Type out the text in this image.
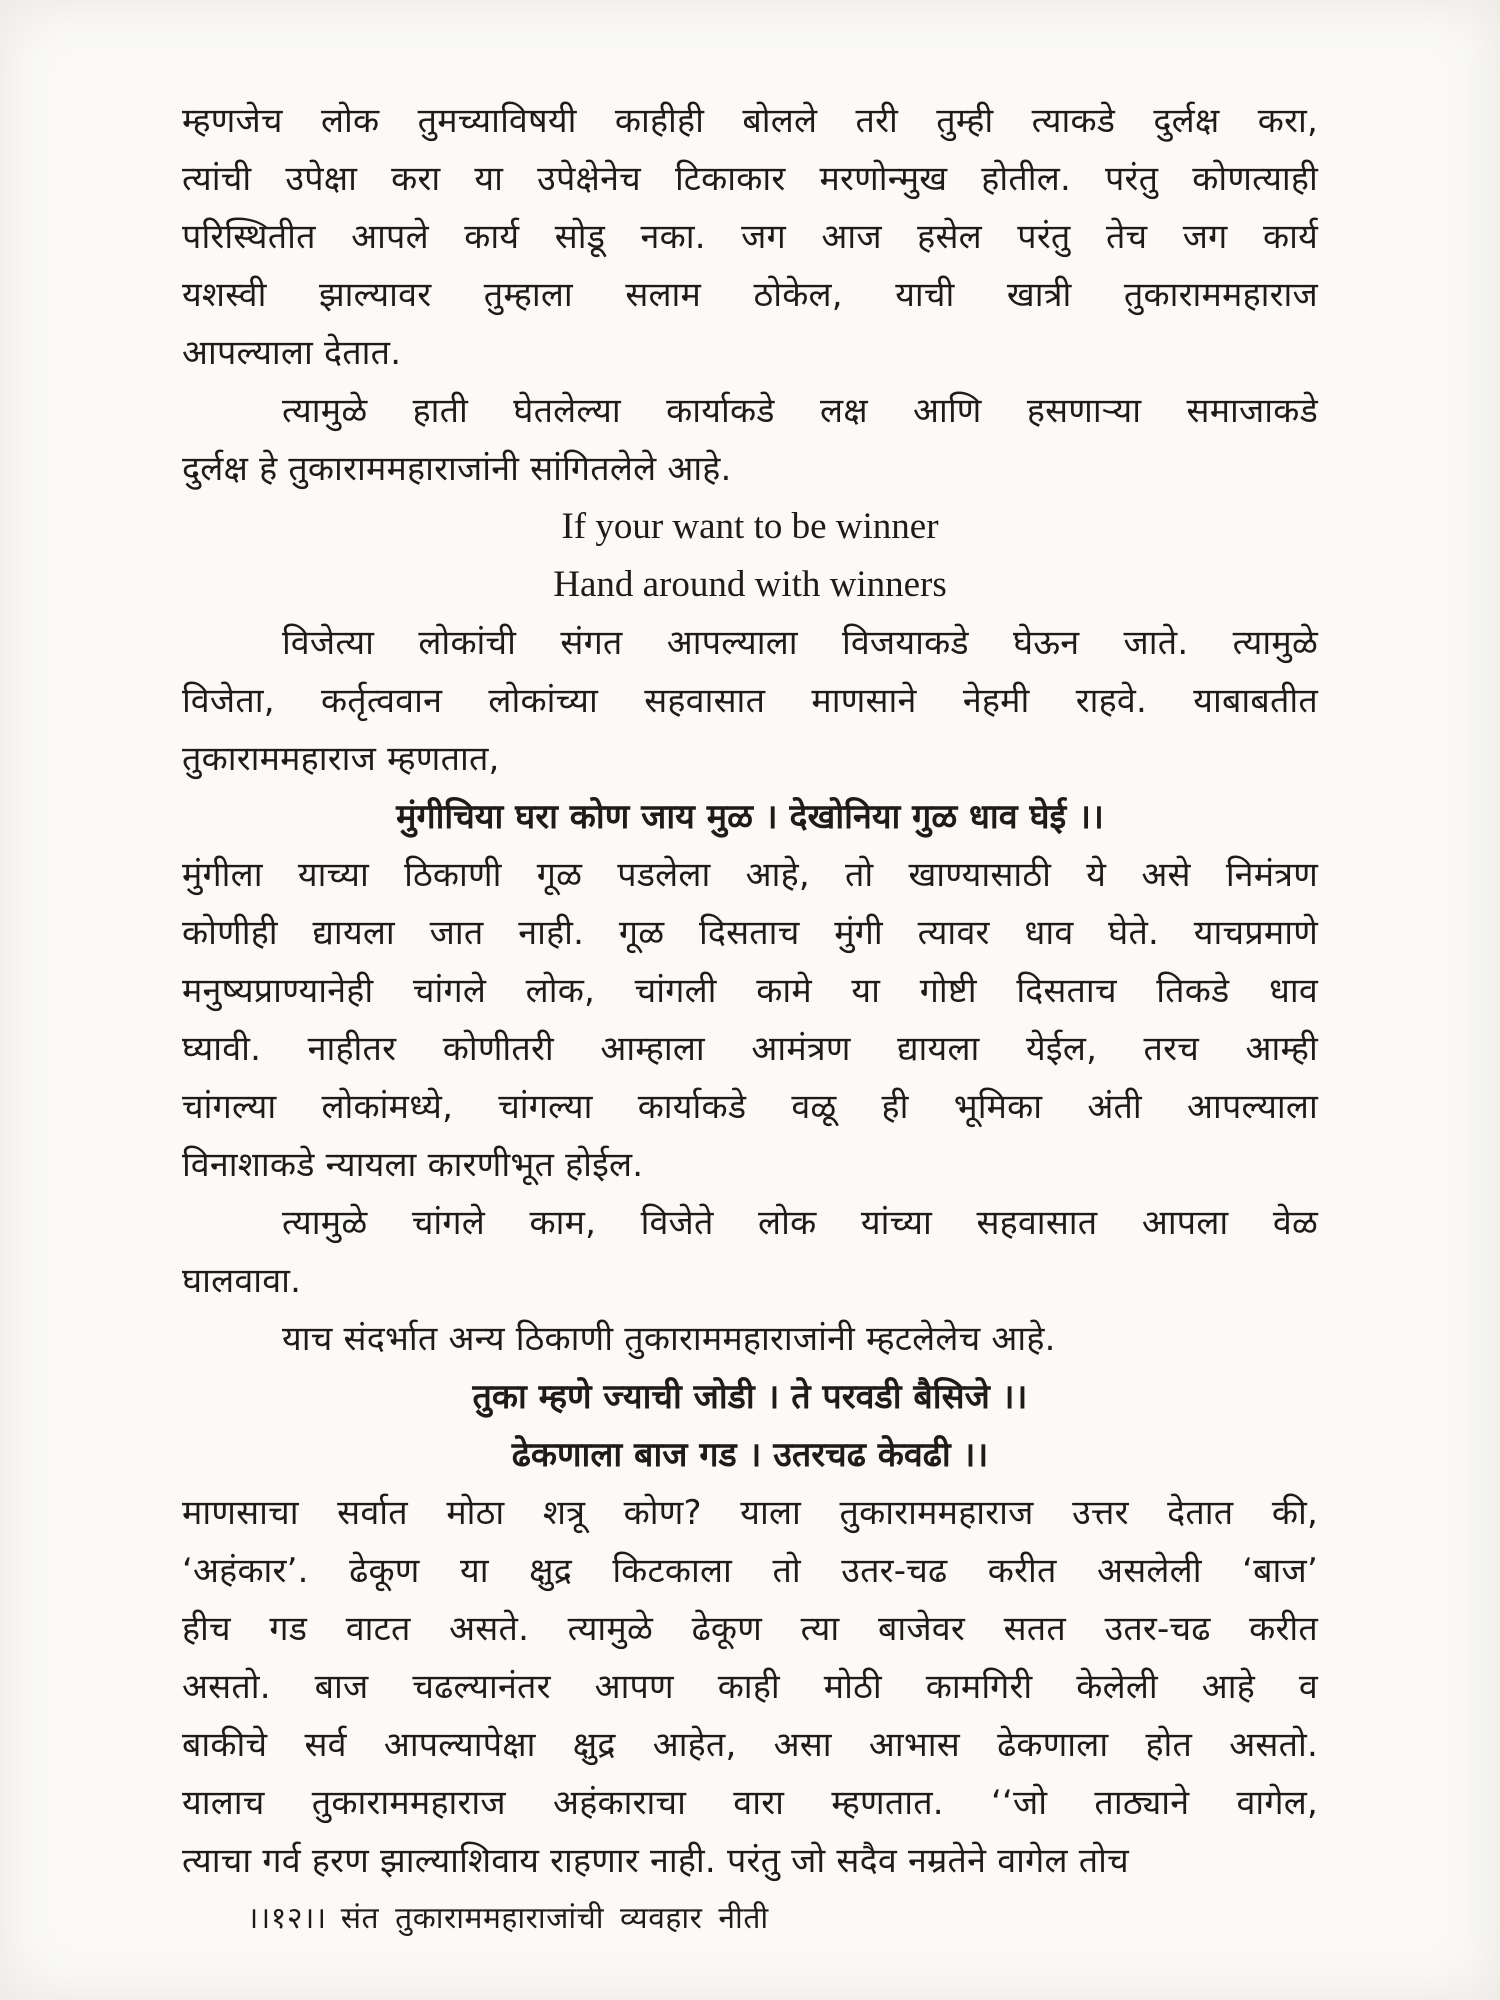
म्हणजेच लोक तुमच्याविषयी काहीही बोलले तरी तुम्ही त्याकडे दुर्लक्ष करा,
त्यांची उपेक्षा करा या उपेक्षेनेच टिकाकार मरणोन्मुख होतील. परंतु कोणत्याही
परिस्थितीत आपले कार्य सोडू नका. जग आज हसेल परंतु तेच जग कार्य
यशस्वी झाल्यावर तुम्हाला सलाम ठोकेल, याची खात्री तुकाराममहाराज
आपल्याला देतात.
त्यामुळे हाती घेतलेल्या कार्याकडे लक्ष आणि हसणाऱ्या समाजाकडे
दुर्लक्ष हे तुकाराममहाराजांनी सांगितलेले आहे.
If your want to be winner
Hand around with winners
विजेत्या लोकांची संगत आपल्याला विजयाकडे घेऊन जाते. त्यामुळे
विजेता, कर्तृत्ववान लोकांच्या सहवासात माणसाने नेहमी राहवे. याबाबतीत
तुकाराममहाराज म्हणतात,
मुंगीचिया घरा कोण जाय मुळ । देखोनिया गुळ धाव घेई ।।
मुंगीला याच्या ठिकाणी गूळ पडलेला आहे, तो खाण्यासाठी ये असे निमंत्रण
कोणीही द्यायला जात नाही. गूळ दिसताच मुंगी त्यावर धाव घेते. याचप्रमाणे
मनुष्यप्राण्यानेही चांगले लोक, चांगली कामे या गोष्टी दिसताच तिकडे धाव
घ्यावी. नाहीतर कोणीतरी आम्हाला आमंत्रण द्यायला येईल, तरच आम्ही
चांगल्या लोकांमध्ये, चांगल्या कार्याकडे वळू ही भूमिका अंती आपल्याला
विनाशाकडे न्यायला कारणीभूत होईल.
त्यामुळे चांगले काम, विजेते लोक यांच्या सहवासात आपला वेळ
घालवावा.
याच संदर्भात अन्य ठिकाणी तुकाराममहाराजांनी म्हटलेलेच आहे.
तुका म्हणे ज्याची जोडी । ते परवडी बैसिजे ।।
ढेकणाला बाज गड । उतरचढ केवढी ।।
माणसाचा सर्वात मोठा शत्रू कोण? याला तुकाराममहाराज उत्तर देतात की,
‘अहंकार’. ढेकूण या क्षुद्र किटकाला तो उतर-चढ करीत असलेली ‘बाज’
हीच गड वाटत असते. त्यामुळे ढेकूण त्या बाजेवर सतत उतर-चढ करीत
असतो. बाज चढल्यानंतर आपण काही मोठी कामगिरी केलेली आहे व
बाकीचे सर्व आपल्यापेक्षा क्षुद्र आहेत, असा आभास ढेकणाला होत असतो.
यालाच तुकाराममहाराज अहंकाराचा वारा म्हणतात. ‘‘जो ताठ्याने वागेल,
त्याचा गर्व हरण झाल्याशिवाय राहणार नाही. परंतु जो सदैव नम्रतेने वागेल तोच
।।१२।। संत तुकाराममहाराजांची व्यवहार नीती
